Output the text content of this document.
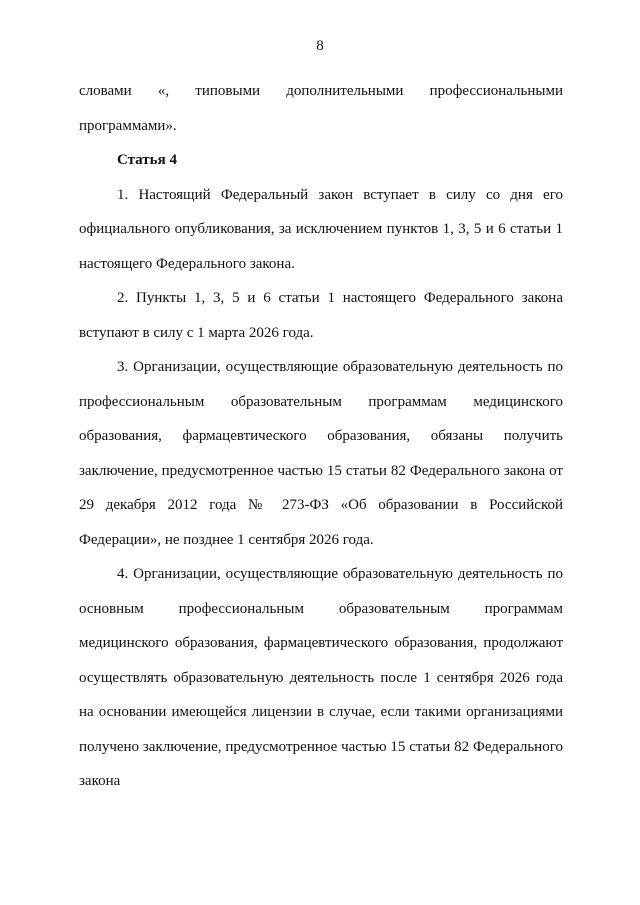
8

словами «, типовыми дополнительными профессиональными

программами».

Статья 4

1. Настоящий Федеральный закон вступает в силу со дня его официального опубликования, за исключением пунктов 1, 3, 5 и 6 статьи 1 настоящего Федерального закона.

2. Пункты 1, 3, 5 и 6 статьи 1 настоящего Федерального закона вступают в силу с 1 марта 2026 года.

3. Организации, осуществляющие образовательную деятельность по профессиональным образовательным программам медицинского образования, фармацевтического образования, обязаны получить заключение, предусмотренное частью 15 статьи 82 Федерального закона от 29 декабря 2012 года № 273-ФЗ «Об образовании в Российской Федерации», не позднее 1 сентября 2026 года.

4. Организации, осуществляющие образовательную деятельность по основным профессиональным образовательным программам медицинского образования, фармацевтического образования, продолжают осуществлять образовательную деятельность после 1 сентября 2026 года на основании имеющейся лицензии в случае, если такими организациями получено заключение, предусмотренное частью 15 статьи 82 Федерального закона
